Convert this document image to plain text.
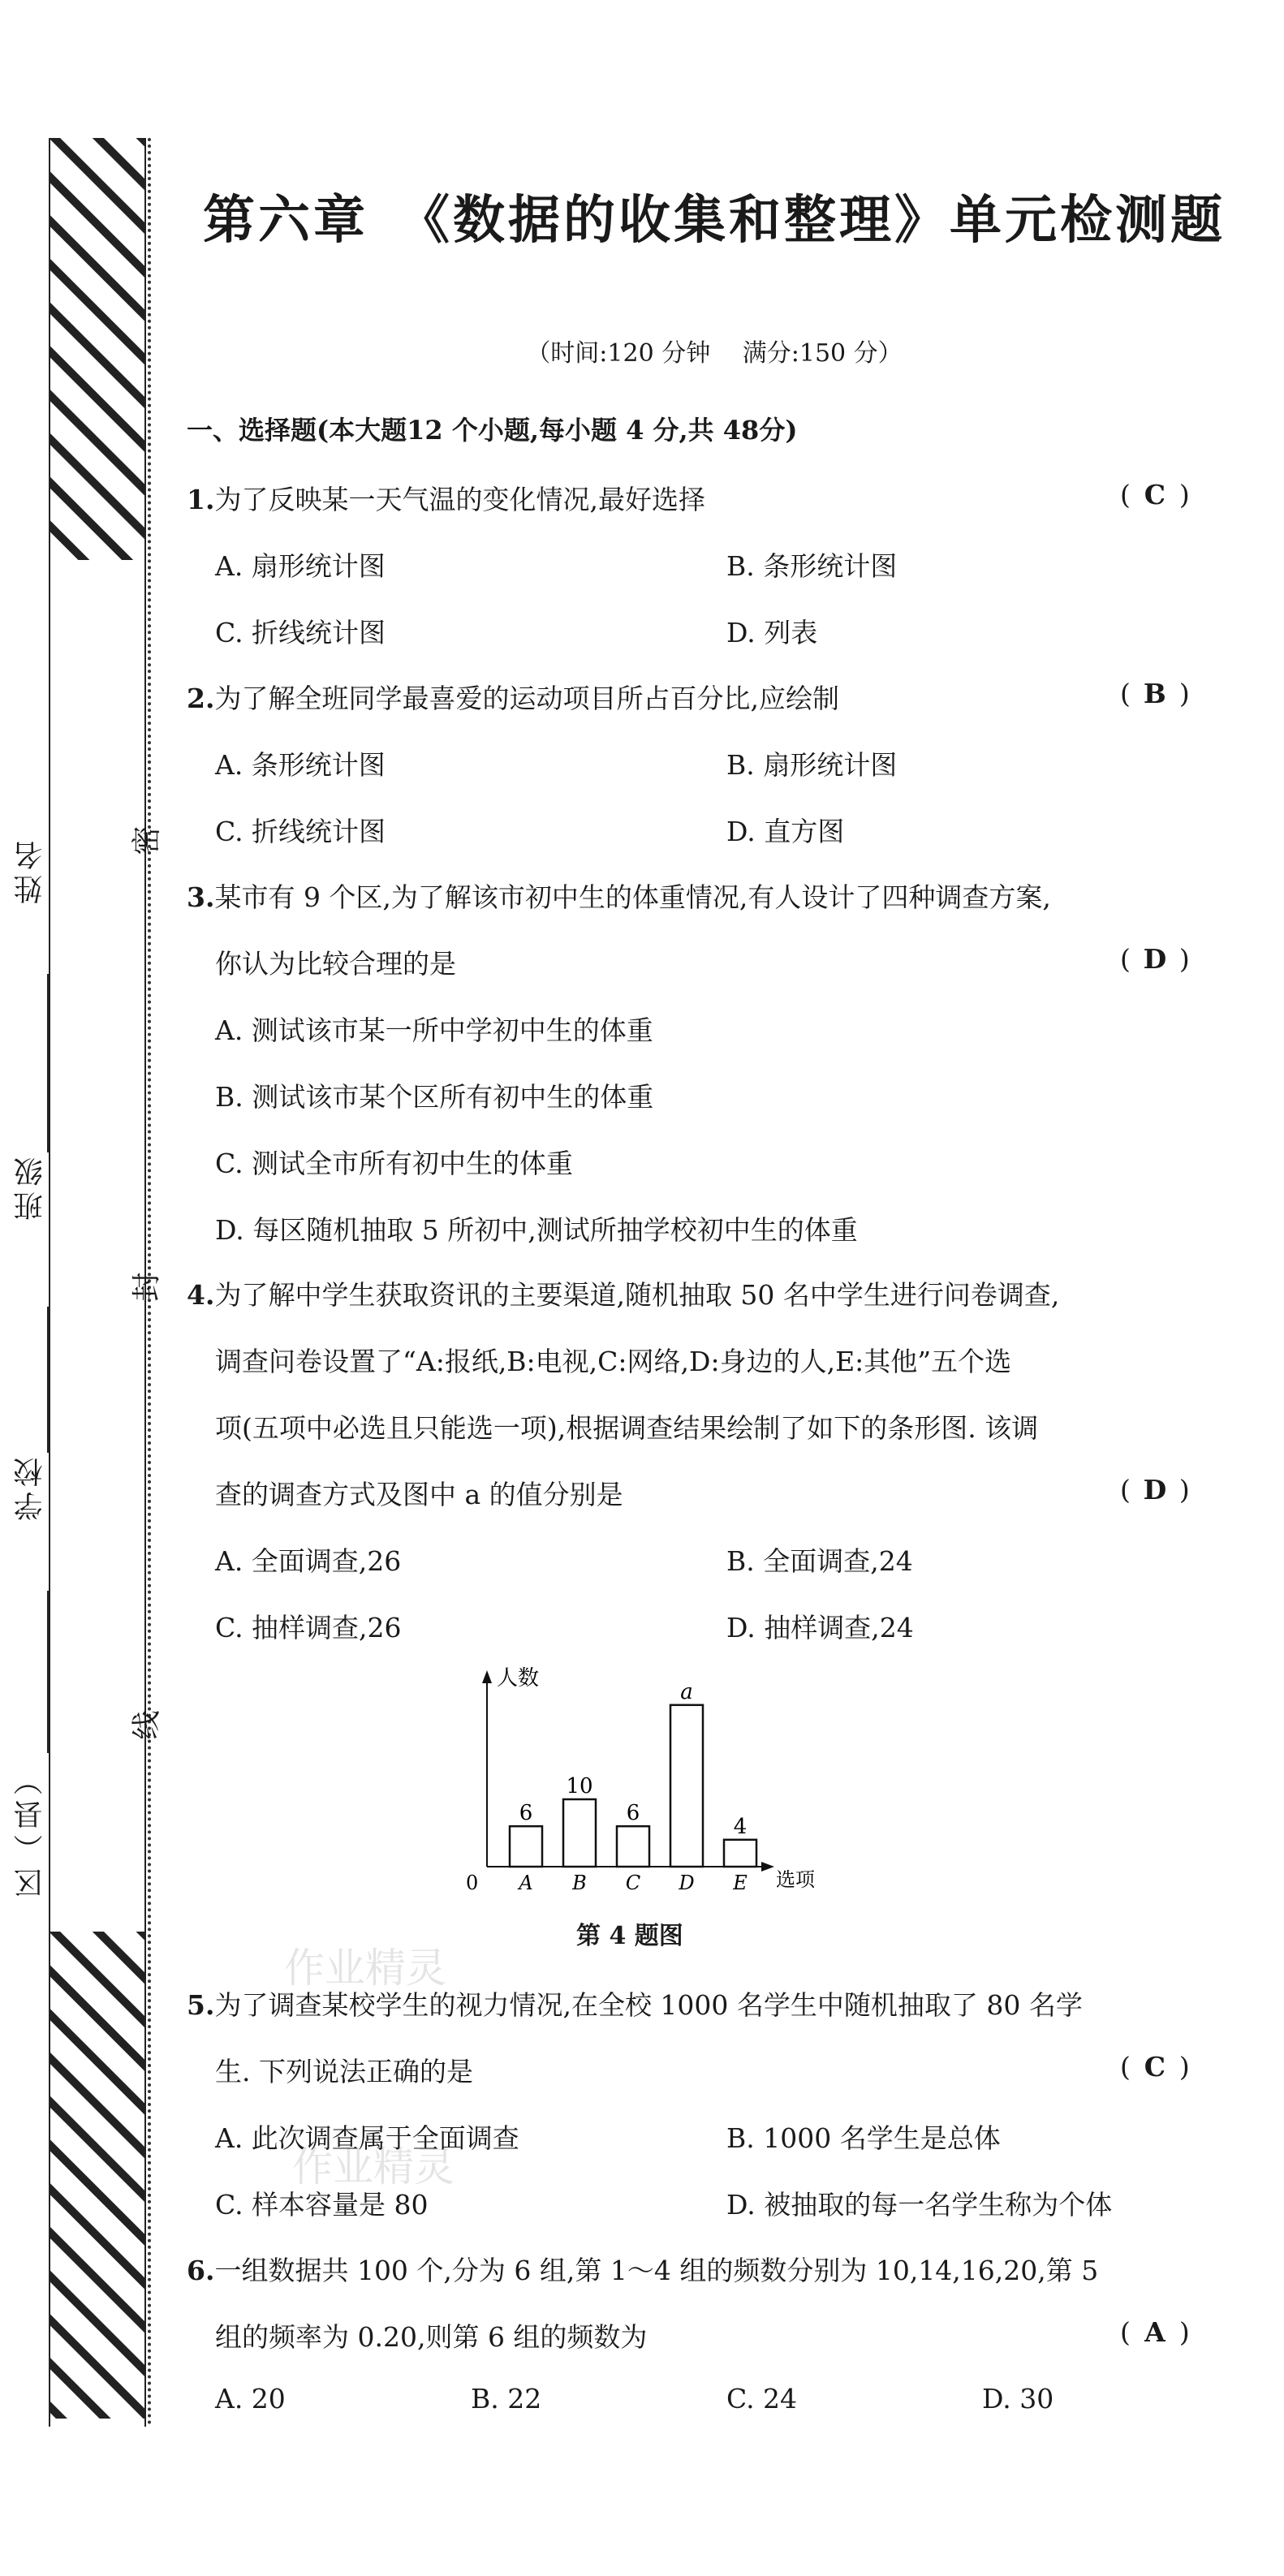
姓名
班级
学校
区（县）
密
封
线
第六章　《数据的收集和整理》单元检测题
（时间:120 分钟　 满分:150 分）
一、选择题(本大题12 个小题,每小题 4 分,共 48分)
1.为了反映某一天气温的变化情况,最好选择	( C )
A. 扇形统计图	B. 条形统计图
C. 折线统计图	D. 列表
2.为了解全班同学最喜爱的运动项目所占百分比,应绘制	( B )
A. 条形统计图	B. 扇形统计图
C. 折线统计图	D. 直方图
3.某市有 9 个区,为了解该市初中生的体重情况,有人设计了四种调查方案,
你认为比较合理的是	( D )
A. 测试该市某一所中学初中生的体重
B. 测试该市某个区所有初中生的体重
C. 测试全市所有初中生的体重
D. 每区随机抽取 5 所初中,测试所抽学校初中生的体重
4.为了解中学生获取资讯的主要渠道,随机抽取 50 名中学生进行问卷调查,
调查问卷设置了“A:报纸,B:电视,C:网络,D:身边的人,E:其他”五个选
项(五项中必选且只能选一项),根据调查结果绘制了如下的条形图. 该调
查的调查方式及图中 a 的值分别是	( D )
A. 全面调查,26	B. 全面调查,24
C. 抽样调查,26	D. 抽样调查,24
人数
选项
0
6
A
10
B
6
C
a
D
4
E
第 4 题图
作业精灵
作业精灵
5.为了调查某校学生的视力情况,在全校 1000 名学生中随机抽取了 80 名学
生. 下列说法正确的是	( C )
A. 此次调查属于全面调查	B. 1000 名学生是总体
C. 样本容量是 80	D. 被抽取的每一名学生称为个体
6.一组数据共 100 个,分为 6 组,第 1～4 组的频数分别为 10,14,16,20,第 5
组的频率为 0.20,则第 6 组的频数为	( A )
A. 20	B. 22	C. 24	D. 30
